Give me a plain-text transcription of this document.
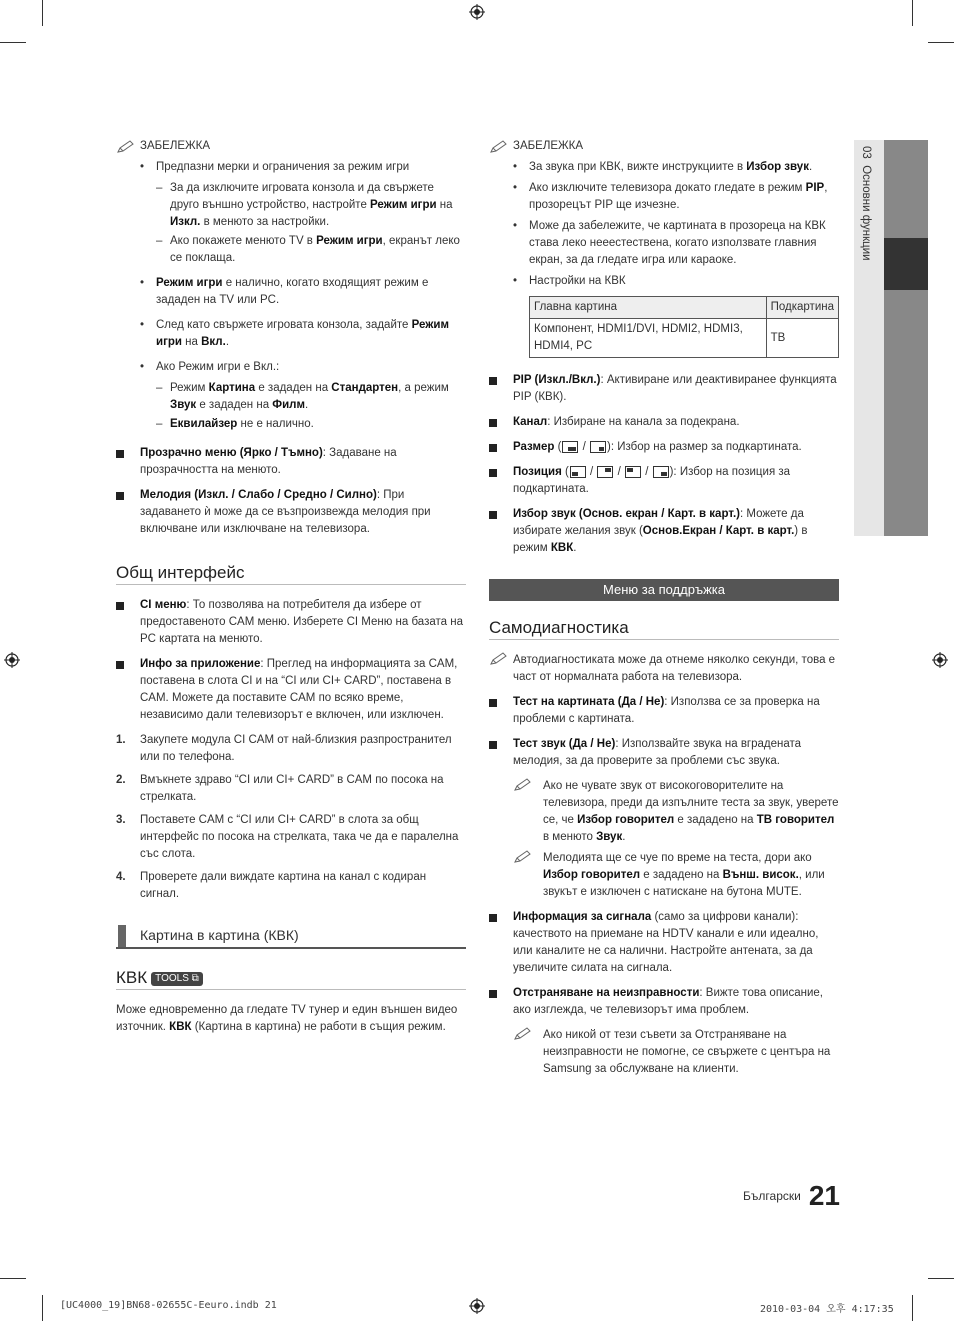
03  Основни функции
ЗАБЕЛЕЖКА
• Предпазни мерки и ограничения за режим игри
– За да изключите игровата конзола и да свържете друго външно устройство, настройте Режим игри на Изкл. в менюто за настройки.
– Ако покажете менюто TV в Режим игри, екранът леко се поклаща.
• Режим игри е налично, когато входящият режим е зададен на TV или PC.
• След като свържете игровата конзола, задайте Режим игри на Вкл..
• Ако Режим игри е Вкл.:
– Режим Картина е зададен на Стандартен, а режим Звук е зададен на Филм.
– Еквилайзер не е налично.
Прозрачно меню (Ярко / Тъмно): Задаване на прозрачността на менюто.
Мелодия (Изкл. / Слабо / Средно / Силно): При задаването ѝ може да се възпроизвежда мелодия при включване или изключване на телевизора.
Общ интерфейс
CI меню: То позволява на потребителя да избере от предоставеното CAM меню. Изберете CI Меню на базата на PC картата на менюто.
Инфо за приложение: Преглед на информацията за CAM, поставена в слота CI и на “CI или CI+ CARD”, поставена в CAM. Можете да поставите CAM по всяко време, независимо дали телевизорът е включен, или изключен.
1. Закупете модула CI CAM от най-близкия разпространител или по телефона.
2. Вмъкнете здраво “CI или CI+ CARD” в CAM по посока на стрелката.
3. Поставете CAM с “CI или CI+ CARD” в слота за общ интерфейс по посока на стрелката, така че да е паралелна със слота.
4. Проверете дали виждате картина на канал с кодиран сигнал.
Картина в картина (КВК)
КВК TOOLS ⧉
Може едновременно да гледате TV тунер и един външен видео източник. КВК (Картина в картина) не работи в същия режим.
ЗАБЕЛЕЖКА
• За звука при КВК, вижте инструкциите в Избор звук.
• Ако изключите телевизора докато гледате в режим PIP, прозорецът PIP ще изчезне.
• Може да забележите, че картината в прозореца на КВК става леко нееестествена, когато използвате главния екран, за да гледате игра или караоке.
• Настройки на КВК
Главна картина	Подкартина
Компонент, HDMI1/DVI, HDMI2, HDMI3, HDMI4, PC	ТВ
PIP (Изкл./Вкл.): Активиране или деактивиранее функцията PIP (КВК).
Канал: Избиране на канала за подекрана.
Размер (
/
): Избор на размер за подкартината.
Позиция (
/
/
/
): Избор на позиция за подкартината.
Избор звук (Основ. екран / Карт. в карт.): Можете да избирате желания звук (Основ.Екран / Карт. в карт.) в режим КВК.
Меню за поддръжка
Самодиагностика
Автодиагностиката може да отнеме няколко секунди, това е част от нормалната работа на телевизора.
Тест на картината (Да / Не): Използва се за проверка на проблеми с картината.
Тест звук (Да / Не): Използвайте звука на вградената мелодия, за да проверите за проблеми със звука.
Ако не чувате звук от високоговорителите на телевизора, преди да изпълните теста за звук, уверете се, че Избор говорител е зададено на ТВ говорител в менюто Звук.
Мелодията ще се чуе по време на теста, дори ако Избор говорител е зададено на Външ. висок., или звукът е изключен с натискане на бутона MUTE.
Информация за сигнала (само за цифрови канали): качеството на приемане на HDTV канали е или идеално, или каналите не са налични. Настройте антената, за да увеличите силата на сигнала.
Отстраняване на неизправности: Вижте това описание, ако изглежда, че телевизорът има проблем.
Ако никой от тези съвети за Отстраняване на неизправности не помогне, се свържете с центъра на Samsung за обслужване на клиенти.
Български 21
[UC4000_19]BN68-02655C-Eeuro.indb 21	2010-03-04 오후 4:17:35
